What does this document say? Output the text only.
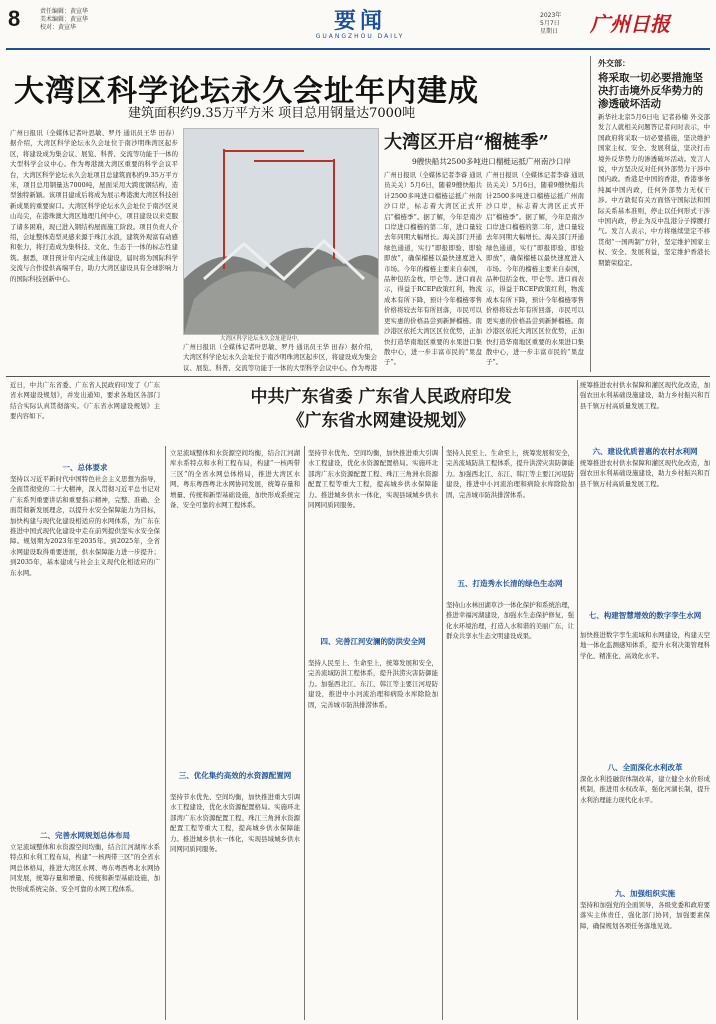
8	责任编辑：黄宣华
美术编辑：黄宣华
校对：黄宣华	要闻
GUANGZHOU DAILY
2023年
5月7日
星期日 广州日报
大湾区科学论坛永久会址年内建成
建筑面积约9.35万平方米 项目总用钢量达7000吨
广州日报讯（全媒体记者叶思敏、罗丹 通讯员王华 田春）据介绍，大湾区科学论坛永久会址位于南沙明珠湾区起步区，将建设成为集会议、展览、科普、交流等功能于一体的大型科学会议中心。作为粤港澳大湾区重要的科学会议平台，大湾区科学论坛永久会址项目总建筑面积约9.35万平方米，项目总用钢量达7000吨，屋面采用大跨度钢结构，造型独特新颖。该项目建成后将成为展示粤港澳大湾区科技创新成果的重要窗口。大湾区科学论坛永久会址位于南沙区灵山岛尖，在港珠澳大湾区地理几何中心，项目建设以来克服了诸多困难，现已进入钢结构屋面施工阶段。项目负责人介绍，会址整体造型灵感来源于珠江水浪，建筑外观富有动感和张力，将打造成为集科技、文化、生态于一体的标志性建筑。据悉，项目预计年内完成主体建设，届时将为国际科学交流与合作提供高端平台，助力大湾区建设具有全球影响力的国际科技创新中心。
大湾区科学论坛永久会址建设中。
广州日报讯（全媒体记者叶思敏、罗丹 通讯员王华 田春）据介绍，大湾区科学论坛永久会址位于南沙明珠湾区起步区，将建设成为集会议、展览、科普、交流等功能于一体的大型科学会议中心。作为粤港
大湾区开启“榴梿季”
9艘快船共2500多吨进口榴梿运抵广州南沙口岸
广州日报讯（全媒体记者李睿 通讯员关关）5月6日，随着9艘快船共计2500多吨进口榴梿运抵广州南沙口岸，标志着大湾区正式开启“榴梿季”。据了解，今年是南沙口岸进口榴梿的第二年，进口量较去年同期大幅增长。海关部门开通绿色通道，实行“即报即验、即验即放”，确保榴梿以最快速度进入市场。今年的榴梿主要来自泰国，品种包括金枕、甲仑等。进口商表示，得益于RCEP政策红利，物流成本有所下降，预计今年榴梿零售价格将较去年有所回落，市民可以更实惠的价格品尝到新鲜榴梿。南沙港区依托大湾区区位优势，正加快打造华南地区重要的水果进口集散中心，进一步丰富市民的“果盘子”。
广州日报讯（全媒体记者李睿 通讯员关关）5月6日，随着9艘快船共计2500多吨进口榴梿运抵广州南沙口岸，标志着大湾区正式开启“榴梿季”。据了解，今年是南沙口岸进口榴梿的第二年，进口量较去年同期大幅增长。海关部门开通绿色通道，实行“即报即验、即验即放”，确保榴梿以最快速度进入市场。今年的榴梿主要来自泰国，品种包括金枕、甲仑等。进口商表示，得益于RCEP政策红利，物流成本有所下降，预计今年榴梿零售价格将较去年有所回落，市民可以更实惠的价格品尝到新鲜榴梿。南沙港区依托大湾区区位优势，正加快打造华南地区重要的水果进口集散中心，进一步丰富市民的“果盘子”。
外交部：
将采取一切必要措施坚决打击境外反华势力的渗透破坏活动
新华社北京5月6日电 记者孙楠 外交部发言人就相关问题答记者问时表示，中国政府将采取一切必要措施，坚决维护国家主权、安全、发展利益，坚决打击境外反华势力的渗透破坏活动。发言人说，中方坚决反对任何外部势力干涉中国内政。香港是中国的香港，香港事务纯属中国内政，任何外部势力无权干涉。中方敦促有关方面恪守国际法和国际关系基本准则，停止以任何形式干涉中国内政，停止为反中乱港分子撑腰打气。发言人表示，中方将继续坚定不移贯彻“一国两制”方针，坚定维护国家主权、安全、发展利益，坚定维护香港长期繁荣稳定。
近日，中共广东省委、广东省人民政府印发了《广东省水网建设规划》，并发出通知，要求各地区各部门结合实际认真贯彻落实。《广东省水网建设规划》主要内容如下。
中共广东省委 广东省人民政府印发
《广东省水网建设规划》
一、总体要求
坚持以习近平新时代中国特色社会主义思想为指导，全面贯彻党的二十大精神，深入贯彻习近平总书记对广东系列重要讲话和重要指示精神，完整、准确、全面贯彻新发展理念，以提升水安全保障能力为目标，加快构建与现代化建设相适应的水网体系，为广东在推进中国式现代化建设中走在前列提供坚实水安全保障。规划期为2023年至2035年。到2025年，全省水网建设取得重要进展，供水保障能力进一步提升；到2035年，基本建成与社会主义现代化相适应的广东水网。
二、完善水网规划总体布局
立足流域整体和水资源空间均衡，结合江河湖库水系特点和水利工程布局，构建“一核两带三区”的全省水网总体格局，推进大湾区水网、粤东粤西粤北水网协同发展，统筹存量和增量、传统和新型基础设施，加快形成系统完备、安全可靠的水网工程体系。
立足流域整体和水资源空间均衡，结合江河湖库水系特点和水利工程布局，构建“一核两带三区”的全省水网总体格局，推进大湾区水网、粤东粤西粤北水网协同发展，统筹存量和增量、传统和新型基础设施，加快形成系统完备、安全可靠的水网工程体系。
三、优化集约高效的水资源配置网
坚持节水优先、空间均衡，加快推进重大引调水工程建设，优化水资源配置格局。实施环北部湾广东水资源配置工程、珠江三角洲水资源配置工程等重大工程，提高城乡供水保障能力。推进城乡供水一体化，实现县域城乡供水同网同质同服务。
坚持节水优先、空间均衡，加快推进重大引调水工程建设，优化水资源配置格局。实施环北部湾广东水资源配置工程、珠江三角洲水资源配置工程等重大工程，提高城乡供水保障能力。推进城乡供水一体化，实现县域城乡供水同网同质同服务。
四、完善江河安澜的防洪安全网
坚持人民至上、生命至上，统筹发展和安全，完善流域防洪工程体系，提升洪涝灾害防御能力。加强西北江、东江、韩江等主要江河堤防建设，推进中小河流治理和病险水库除险加固，完善城市防洪排涝体系。
坚持人民至上、生命至上，统筹发展和安全，完善流域防洪工程体系，提升洪涝灾害防御能力。加强西北江、东江、韩江等主要江河堤防建设，推进中小河流治理和病险水库除险加固，完善城市防洪排涝体系。
五、打造秀水长清的绿色生态网
坚持山水林田湖草沙一体化保护和系统治理，推进幸福河湖建设，加强水生态保护修复，强化水环境治理，打造人水和谐的美丽广东，让群众共享水生态文明建设成果。
统筹推进农村供水保障和灌区现代化改造，加强农田水利基础设施建设，助力乡村振兴和百县千镇万村高质量发展工程。
六、建设优质普惠的农村水利网
统筹推进农村供水保障和灌区现代化改造，加强农田水利基础设施建设，助力乡村振兴和百县千镇万村高质量发展工程。
七、构建智慧增效的数字孪生水网
加快推进数字孪生流域和水网建设，构建天空地一体化监测感知体系，提升水利决策管理科学化、精准化、高效化水平。
八、全面深化水利改革
深化水利投融资体制改革，建立健全水价形成机制，推进用水权改革，强化河湖长制，提升水利治理能力现代化水平。
九、加强组织实施
坚持和加强党的全面领导，各级党委和政府要落实主体责任，强化部门协同，加强要素保障，确保规划各项任务落地见效。
